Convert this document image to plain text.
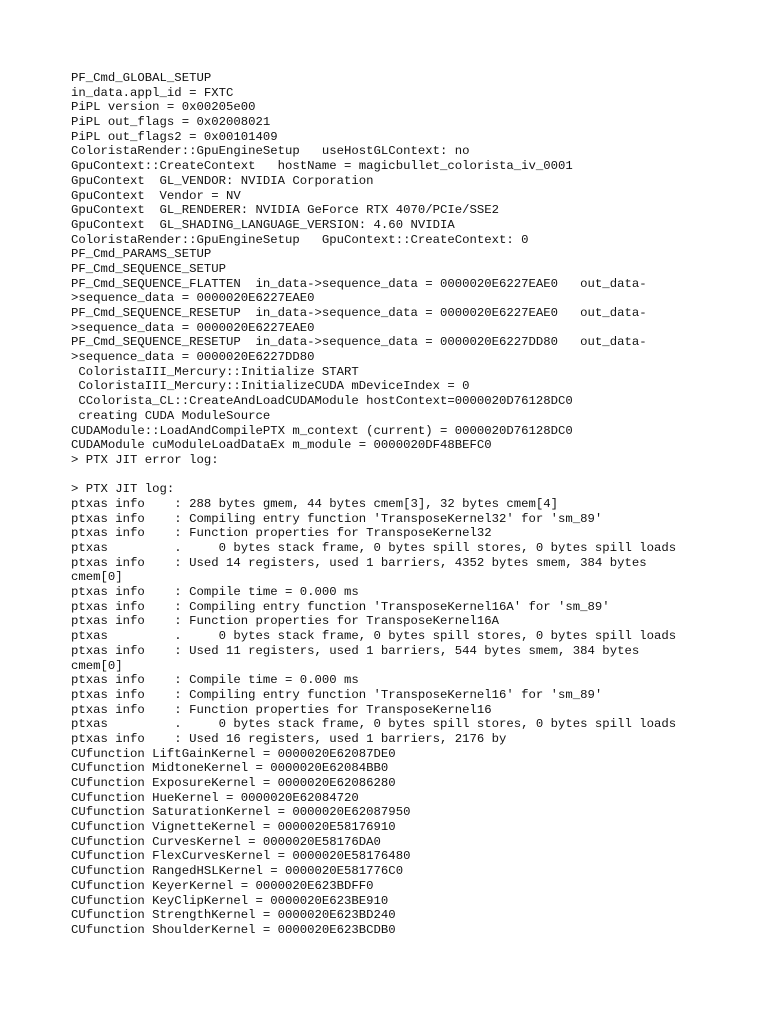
PF_Cmd_GLOBAL_SETUP
in_data.appl_id = FXTC
PiPL version = 0x00205e00
PiPL out_flags = 0x02008021
PiPL out_flags2 = 0x00101409
ColoristaRender::GpuEngineSetup   useHostGLContext: no
GpuContext::CreateContext   hostName = magicbullet_colorista_iv_0001
GpuContext  GL_VENDOR: NVIDIA Corporation
GpuContext  Vendor = NV
GpuContext  GL_RENDERER: NVIDIA GeForce RTX 4070/PCIe/SSE2
GpuContext  GL_SHADING_LANGUAGE_VERSION: 4.60 NVIDIA
ColoristaRender::GpuEngineSetup   GpuContext::CreateContext: 0
PF_Cmd_PARAMS_SETUP
PF_Cmd_SEQUENCE_SETUP
PF_Cmd_SEQUENCE_FLATTEN  in_data->sequence_data = 0000020E6227EAE0   out_data-
>sequence_data = 0000020E6227EAE0
PF_Cmd_SEQUENCE_RESETUP  in_data->sequence_data = 0000020E6227EAE0   out_data-
>sequence_data = 0000020E6227EAE0
PF_Cmd_SEQUENCE_RESETUP  in_data->sequence_data = 0000020E6227DD80   out_data-
>sequence_data = 0000020E6227DD80
ColoristaIII_Mercury::Initialize START
ColoristaIII_Mercury::InitializeCUDA mDeviceIndex = 0
CColorista_CL::CreateAndLoadCUDAModule hostContext=0000020D76128DC0
creating CUDA ModuleSource
CUDAModule::LoadAndCompilePTX m_context (current) = 0000020D76128DC0
CUDAModule cuModuleLoadDataEx m_module = 0000020DF48BEFC0
> PTX JIT error log:
> PTX JIT log:
ptxas info    : 288 bytes gmem, 44 bytes cmem[3], 32 bytes cmem[4]
ptxas info    : Compiling entry function 'TransposeKernel32' for 'sm_89'
ptxas info    : Function properties for TransposeKernel32
ptxas         .     0 bytes stack frame, 0 bytes spill stores, 0 bytes spill loads
ptxas info    : Used 14 registers, used 1 barriers, 4352 bytes smem, 384 bytes
cmem[0]
ptxas info    : Compile time = 0.000 ms
ptxas info    : Compiling entry function 'TransposeKernel16A' for 'sm_89'
ptxas info    : Function properties for TransposeKernel16A
ptxas         .     0 bytes stack frame, 0 bytes spill stores, 0 bytes spill loads
ptxas info    : Used 11 registers, used 1 barriers, 544 bytes smem, 384 bytes
cmem[0]
ptxas info    : Compile time = 0.000 ms
ptxas info    : Compiling entry function 'TransposeKernel16' for 'sm_89'
ptxas info    : Function properties for TransposeKernel16
ptxas         .     0 bytes stack frame, 0 bytes spill stores, 0 bytes spill loads
ptxas info    : Used 16 registers, used 1 barriers, 2176 by
CUfunction LiftGainKernel = 0000020E62087DE0
CUfunction MidtoneKernel = 0000020E62084BB0
CUfunction ExposureKernel = 0000020E62086280
CUfunction HueKernel = 0000020E62084720
CUfunction SaturationKernel = 0000020E62087950
CUfunction VignetteKernel = 0000020E58176910
CUfunction CurvesKernel = 0000020E58176DA0
CUfunction FlexCurvesKernel = 0000020E58176480
CUfunction RangedHSLKernel = 0000020E581776C0
CUfunction KeyerKernel = 0000020E623BDFF0
CUfunction KeyClipKernel = 0000020E623BE910
CUfunction StrengthKernel = 0000020E623BD240
CUfunction ShoulderKernel = 0000020E623BCDB0
